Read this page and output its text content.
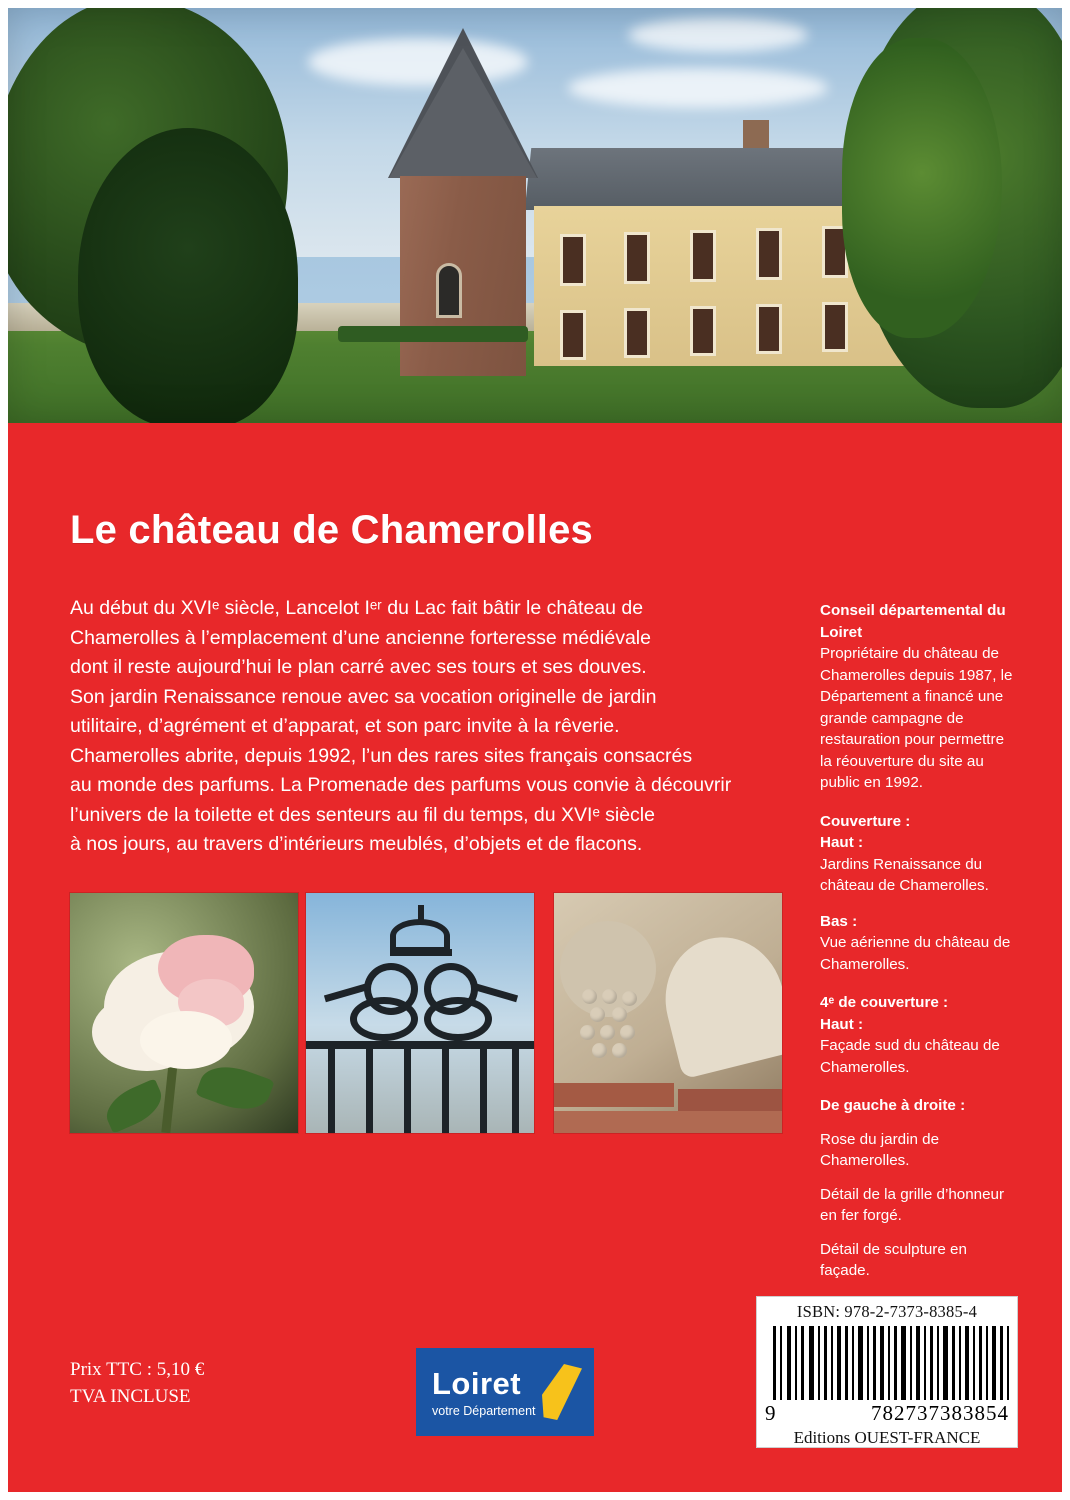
Le château de Chamerolles
Au début du XVIᵉ siècle, Lancelot Iᵉʳ du Lac fait bâtir le château de
Chamerolles à l’emplacement d’une ancienne forteresse médiévale
dont il reste aujourd’hui le plan carré avec ses tours et ses douves.
Son jardin Renaissance renoue avec sa vocation originelle de jardin
utilitaire, d’agrément et d’apparat, et son parc invite à la rêverie.
Chamerolles abrite, depuis 1992, l’un des rares sites français consacrés
au monde des parfums. La Promenade des parfums vous convie à découvrir
l’univers de la toilette et des senteurs au fil du temps, du XVIᵉ siècle
à nos jours, au travers d’intérieurs meublés, d’objets et de flacons.

Conseil départemental du Loiret

Propriétaire du château de Chamerolles depuis 1987, le Département a financé une grande campagne de restauration pour permettre la réouverture du site au public en 1992.

Couverture :

Haut :

Jardins Renaissance du château de Chamerolles.

Bas :

Vue aérienne du château de Chamerolles.

4ᵉ de couverture :

Haut :

Façade sud du château de Chamerolles.

De gauche à droite :

Rose du jardin de Chamerolles.

Détail de la grille d’honneur en fer forgé.

Détail de sculpture en façade.

Prix TTC : 5,10 €
TVA INCLUSE	Loiret
votre Département
ISBN: 978-2-7373-8385-4
9	782737383854
Editions OUEST-FRANCE
